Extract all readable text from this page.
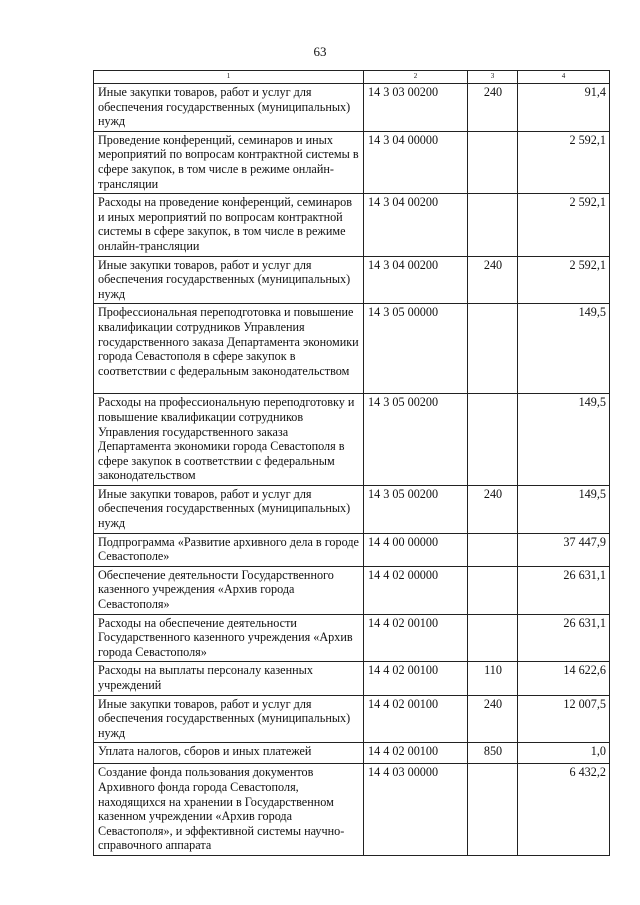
63
1	2	3	4
Иные закупки товаров, работ и услуг для обеспечения государственных (муниципальных) нужд	14 3 03 00200	240	91,4
Проведение конференций, семинаров и иных мероприятий по вопросам контрактной системы в сфере закупок, в том числе в режиме онлайн-трансляции	14 3 04 00000		2 592,1
Расходы на проведение конференций, семинаров и иных мероприятий по вопросам контрактной системы в сфере закупок, в том числе в режиме онлайн-трансляции	14 3 04 00200		2 592,1
Иные закупки товаров, работ и услуг для обеспечения государственных (муниципальных) нужд	14 3 04 00200	240	2 592,1
Профессиональная переподготовка и повышение квалификации сотрудников Управления государственного заказа Департамента экономики города Севастополя в сфере закупок в соответствии с федеральным законодательством	14 3 05 00000		149,5
Расходы на профессиональную переподготовку и повышение квалификации сотрудников Управления государственного заказа Департамента экономики города Севастополя в сфере закупок в соответствии с федеральным законодательством	14 3 05 00200		149,5
Иные закупки товаров, работ и услуг для обеспечения государственных (муниципальных) нужд	14 3 05 00200	240	149,5
Подпрограмма «Развитие архивного дела в городе Севастополе»	14 4 00 00000		37 447,9
Обеспечение деятельности Государственного казенного учреждения «Архив города Севастополя»	14 4 02 00000		26 631,1
Расходы на обеспечение деятельности Государственного казенного учреждения «Архив города Севастополя»	14 4 02 00100		26 631,1
Расходы на выплаты персоналу казенных учреждений	14 4 02 00100	110	14 622,6
Иные закупки товаров, работ и услуг для обеспечения государственных (муниципальных) нужд	14 4 02 00100	240	12 007,5
Уплата налогов, сборов и иных платежей	14 4 02 00100	850	1,0
Создание фонда пользования документов Архивного фонда города Севастополя, находящихся на хранении в Государственном казенном учреждении «Архив города Севастополя», и эффективной системы научно-справочного аппарата	14 4 03 00000		6 432,2
